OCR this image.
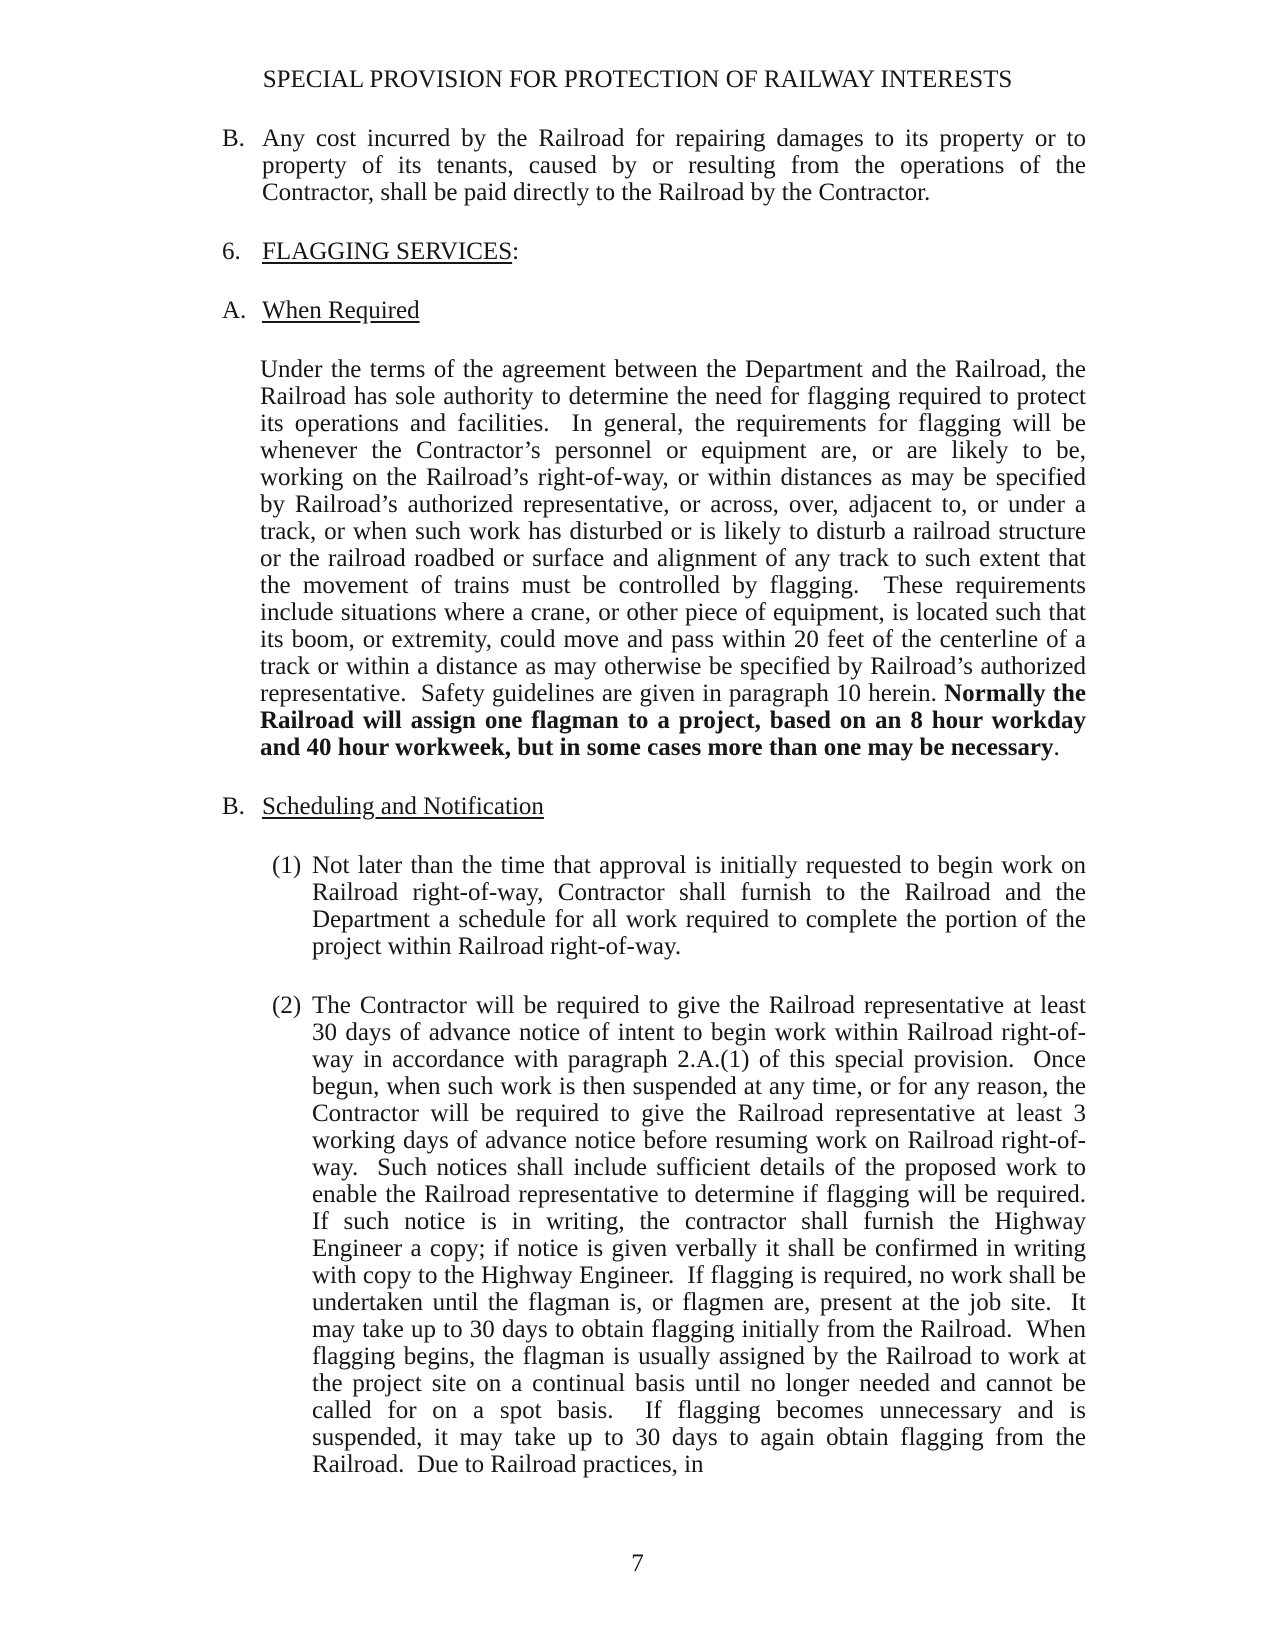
SPECIAL PROVISION FOR PROTECTION OF RAILWAY INTERESTS
B. Any cost incurred by the Railroad for repairing damages to its property or to property of its tenants, caused by or resulting from the operations of the Contractor, shall be paid directly to the Railroad by the Contractor.
6. FLAGGING SERVICES:
A. When Required
Under the terms of the agreement between the Department and the Railroad, the Railroad has sole authority to determine the need for flagging required to protect its operations and facilities.  In general, the requirements for flagging will be whenever the Contractor’s personnel or equipment are, or are likely to be, working on the Railroad’s right-of-way, or within distances as may be specified by Railroad’s authorized representative, or across, over, adjacent to, or under a track, or when such work has disturbed or is likely to disturb a railroad structure or the railroad roadbed or surface and alignment of any track to such extent that the movement of trains must be controlled by flagging.  These requirements include situations where a crane, or other piece of equipment, is located such that its boom, or extremity, could move and pass within 20 feet of the centerline of a track or within a distance as may otherwise be specified by Railroad’s authorized representative.  Safety guidelines are given in paragraph 10 herein. Normally the Railroad will assign one flagman to a project, based on an 8 hour workday and 40 hour workweek, but in some cases more than one may be necessary.
B. Scheduling and Notification
(1) Not later than the time that approval is initially requested to begin work on Railroad right-of-way, Contractor shall furnish to the Railroad and the Department a schedule for all work required to complete the portion of the project within Railroad right-of-way.
(2) The Contractor will be required to give the Railroad representative at least 30 days of advance notice of intent to begin work within Railroad right-of-way in accordance with paragraph 2.A.(1) of this special provision.  Once begun, when such work is then suspended at any time, or for any reason, the Contractor will be required to give the Railroad representative at least 3 working days of advance notice before resuming work on Railroad right-of-way.  Such notices shall include sufficient details of the proposed work to enable the Railroad representative to determine if flagging will be required.  If such notice is in writing, the contractor shall furnish the Highway Engineer a copy; if notice is given verbally it shall be confirmed in writing with copy to the Highway Engineer.  If flagging is required, no work shall be undertaken until the flagman is, or flagmen are, present at the job site.  It may take up to 30 days to obtain flagging initially from the Railroad.  When flagging begins, the flagman is usually assigned by the Railroad to work at the project site on a continual basis until no longer needed and cannot be called for on a spot basis.  If flagging becomes unnecessary and is suspended, it may take up to 30 days to again obtain flagging from the Railroad.  Due to Railroad practices, in
7
